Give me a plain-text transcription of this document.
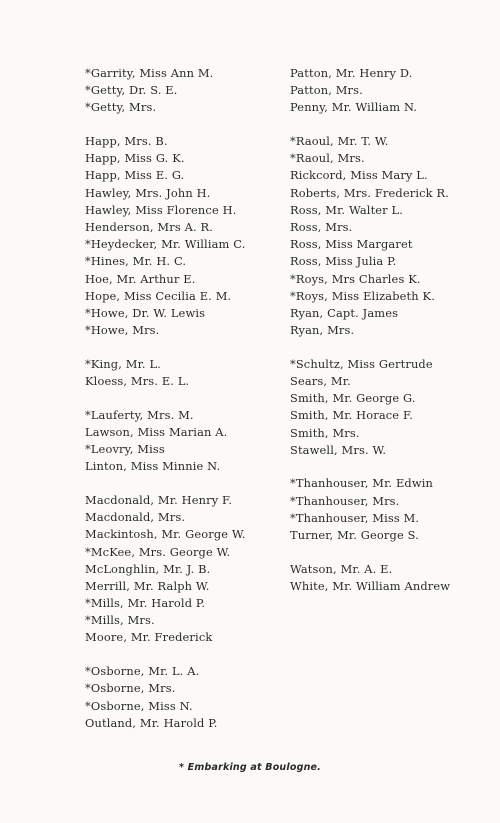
*Garrity, Miss Ann M.
*Getty, Dr. S. E.
*Getty, Mrs.
Happ, Mrs. B.
Happ, Miss G. K.
Happ, Miss E. G.
Hawley, Mrs. John H.
Hawley, Miss Florence H.
Henderson, Mrs A. R.
*Heydecker, Mr. William C.
*Hines, Mr. H. C.
Hoe, Mr. Arthur E.
Hope, Miss Cecilia E. M.
*Howe, Dr. W. Lewis
*Howe, Mrs.
*King, Mr. L.
Kloess, Mrs. E. L.
*Lauferty, Mrs. M.
Lawson, Miss Marian A.
*Leovry, Miss
Linton, Miss Minnie N.
Macdonald, Mr. Henry F.
Macdonald, Mrs.
Mackintosh, Mr. George W.
*McKee, Mrs. George W.
McLonghlin, Mr. J. B.
Merrill, Mr. Ralph W.
*Mills, Mr. Harold P.
*Mills, Mrs.
Moore, Mr. Frederick
*Osborne, Mr. L. A.
*Osborne, Mrs.
*Osborne, Miss N.
Outland, Mr. Harold P.
Patton, Mr. Henry D.
Patton, Mrs.
Penny, Mr. William N.
*Raoul, Mr. T. W.
*Raoul, Mrs.
Rickcord, Miss Mary L.
Roberts, Mrs. Frederick R.
Ross, Mr. Walter L.
Ross, Mrs.
Ross, Miss Margaret
Ross, Miss Julia P.
*Roys, Mrs Charles K.
*Roys, Miss Elizabeth K.
Ryan, Capt. James
Ryan, Mrs.
*Schultz, Miss Gertrude
Sears, Mr.
Smith, Mr. George G.
Smith, Mr. Horace F.
Smith, Mrs.
Stawell, Mrs. W.
*Thanhouser, Mr. Edwin
*Thanhouser, Mrs.
*Thanhouser, Miss M.
Turner, Mr. George S.
Watson, Mr. A. E.
White, Mr. William Andrew
* Embarking at Boulogne.
